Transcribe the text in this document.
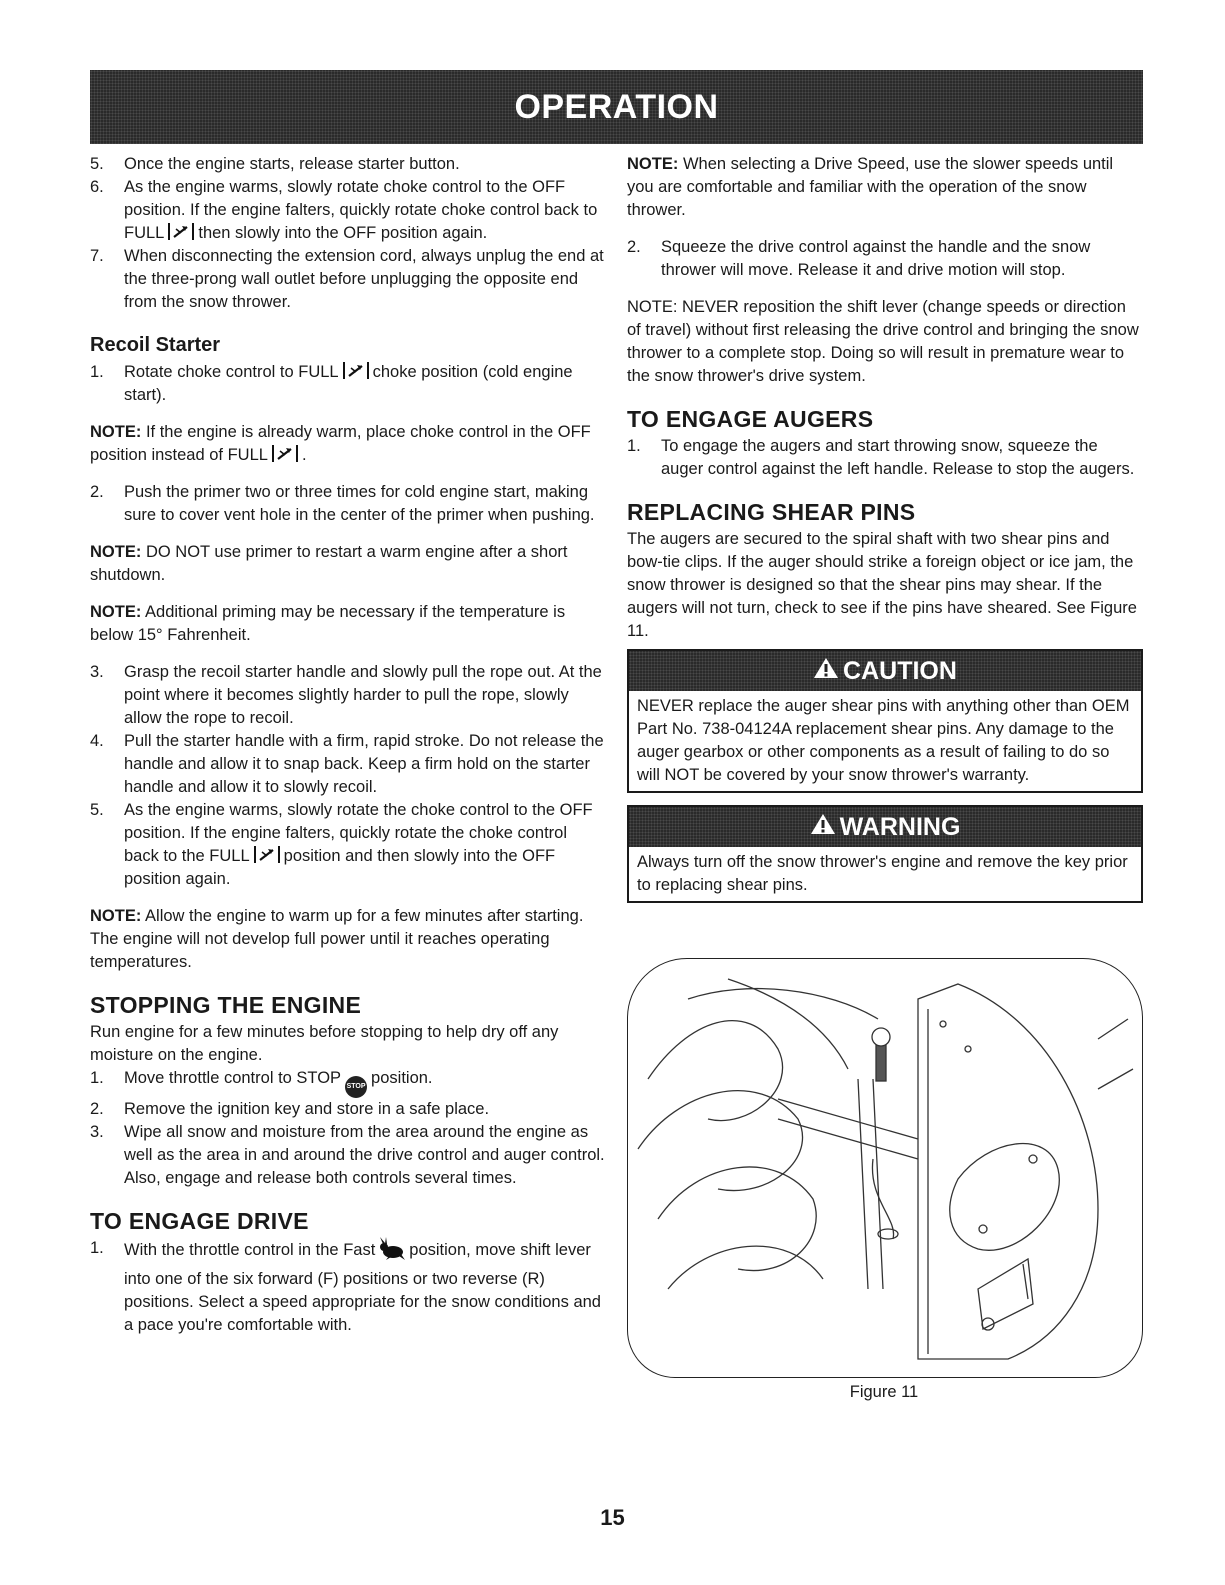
OPERATION
5.	Once the engine starts, release starter button.
6.	As the engine warms, slowly rotate choke control to the OFF position. If the engine falters, quickly rotate choke control back to FULL then slowly into the OFF position again.
7.	When disconnecting the extension cord, always unplug the end at the three-prong wall outlet before unplugging the opposite end from the snow thrower.

Recoil Starter

1.	Rotate choke control to FULL choke position (cold engine start).

NOTE: If the engine is already warm, place choke control in the OFF position instead of FULL .

2.	Push the primer two or three times for cold engine start, making sure to cover vent hole in the center of the primer when pushing.

NOTE: DO NOT use primer to restart a warm engine after a short shutdown.

NOTE: Additional priming may be necessary if the temperature is below 15° Fahrenheit.

3.	Grasp the recoil starter handle and slowly pull the rope out. At the point where it becomes slightly harder to pull the rope, slowly allow the rope to recoil.
4.	Pull the starter handle with a firm, rapid stroke. Do not release the handle and allow it to snap back. Keep a firm hold on the starter handle and allow it to slowly recoil.
5.	As the engine warms, slowly rotate the choke control to the OFF position. If the engine falters, quickly rotate the choke control back to the FULL position and then slowly into the OFF position again.

NOTE: Allow the engine to warm up for a few minutes after starting. The engine will not develop full power until it reaches operating temperatures.

STOPPING THE ENGINE

Run engine for a few minutes before stopping to help dry off any moisture on the engine.

1.	Move throttle control to STOP STOP position.
2.	Remove the ignition key and store in a safe place.
3.	Wipe all snow and moisture from the area around the engine as well as the area in and around the drive control and auger control. Also, engage and release both controls several times.

TO ENGAGE DRIVE

1.	With the throttle control in the Fast position, move shift lever into one of the six forward (F) positions or two reverse (R) positions. Select a speed appropriate for the snow conditions and a pace you're comfortable with.

NOTE: When selecting a Drive Speed, use the slower speeds until you are comfortable and familiar with the operation of the snow thrower.

2.	Squeeze the drive control against the handle and the snow thrower will move. Release it and drive motion will stop.

NOTE: NEVER reposition the shift lever (change speeds or direction of travel) without first releasing the drive control and bringing the snow thrower to a complete stop. Doing so will result in premature wear to the snow thrower's drive system.

TO ENGAGE AUGERS

1.	To engage the augers and start throwing snow, squeeze the auger control against the left handle. Release to stop the augers.

REPLACING SHEAR PINS

The augers are secured to the spiral shaft with two shear pins and bow-tie clips. If the auger should strike a foreign object or ice jam, the snow thrower is designed so that the shear pins may shear. If the augers will not turn, check to see if the pins have sheared. See Figure 11.

CAUTION
NEVER replace the auger shear pins with anything other than OEM Part No. 738-04124A replacement shear pins. Any damage to the auger gearbox or other components as a result of failing to do so will NOT be covered by your snow thrower's warranty.
WARNING
Always turn off the snow thrower's engine and remove the key prior to replacing shear pins.
Figure 11
15
